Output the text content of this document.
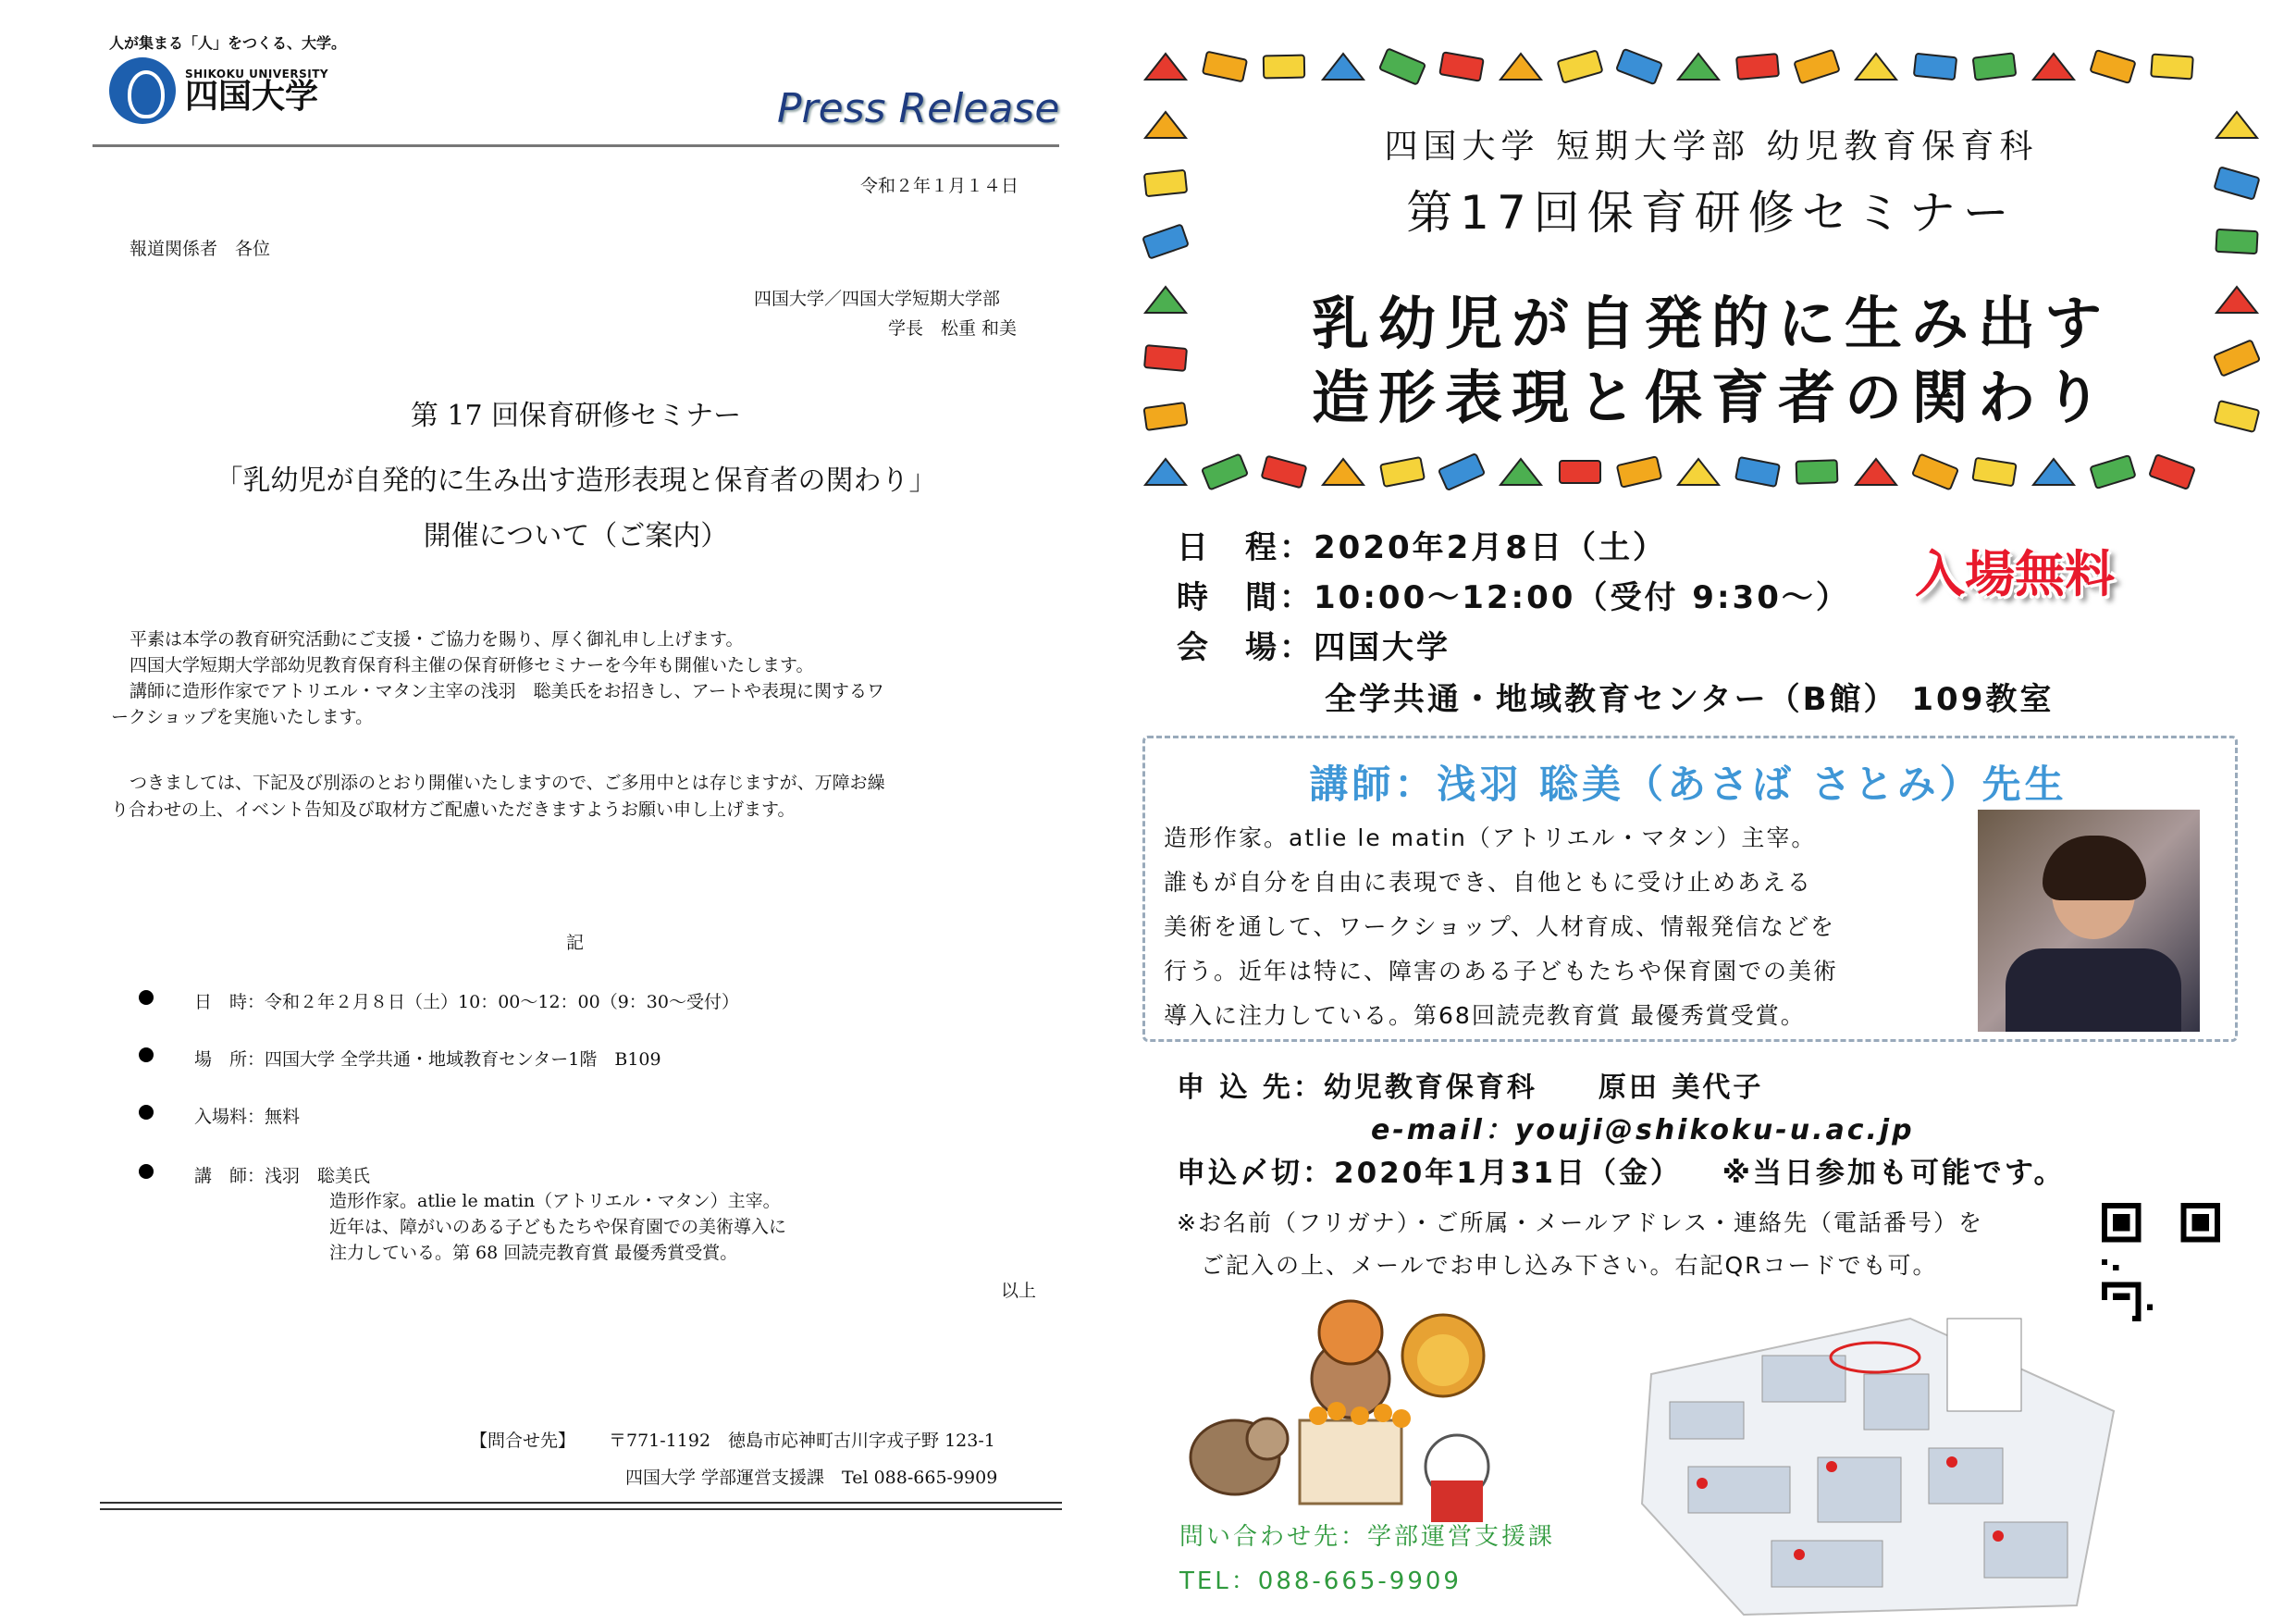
人が集まる「人」をつくる、大学。
SHIKOKU UNIVERSITY
四国大学	Press Release
令和２年１月１４日
報道関係者　各位
四国大学／四国大学短期大学部
学長　松重 和美
第 17 回保育研修セミナー
「乳幼児が自発的に生み出す造形表現と保育者の関わり」
開催について（ご案内）
平素は本学の教育研究活動にご支援・ご協力を賜り、厚く御礼申し上げます。
四国大学短期大学部幼児教育保育科主催の保育研修セミナーを今年も開催いたします。
講師に造形作家でアトリエル・マタン主宰の浅羽　聡美氏をお招きし、アートや表現に関するワ
ークショップを実施いたします。
つきましては、下記及び別添のとおり開催いたしますので、ご多用中とは存じますが、万障お繰
り合わせの上、イベント告知及び取材方ご配慮いただきますようお願い申し上げます。
記
日　時：令和２年２月８日（土）10：00～12：00（9：30～受付）
場　所：四国大学 全学共通・地域教育センター1階　B109
入場料：無料
講　師：浅羽　聡美氏
造形作家。atlie le matin（アトリエル・マタン）主宰。
近年は、障がいのある子どもたちや保育園での美術導入に
注力している。第 68 回読売教育賞 最優秀賞受賞。
以上
【問合せ先】 〒771-1192　徳島市応神町古川字戎子野 123-1
四国大学 学部運営支援課　Tel 088-665-9909
四国大学 短期大学部 幼児教育保育科
第17回保育研修セミナー
乳幼児が自発的に生み出す
造形表現と保育者の関わり
日　程：2020年2月8日（土）
時　間：10:00～12:00（受付 9:30～）
会　場：四国大学
全学共通・地域教育センター（B館） 109教室
入場無料
講師：浅羽 聡美（あさば さとみ）先生
造形作家。atlie le matin（アトリエル・マタン）主宰。
誰もが自分を自由に表現でき、自他ともに受け止めあえる
美術を通して、ワークショップ、人材育成、情報発信などを
行う。近年は特に、障害のある子どもたちや保育園での美術
導入に注力している。第68回読売教育賞 最優秀賞受賞。
申 込 先：幼児教育保育科　　原田 美代子
e-mail：youji@shikoku-u.ac.jp
申込〆切：2020年1月31日（金） ※当日参加も可能です。
※お名前（フリガナ）・ご所属・メールアドレス・連絡先（電話番号）を
ご記入の上、メールでお申し込み下さい。右記QRコードでも可。
問い合わせ先：学部運営支援課
TEL：088-665-9909
